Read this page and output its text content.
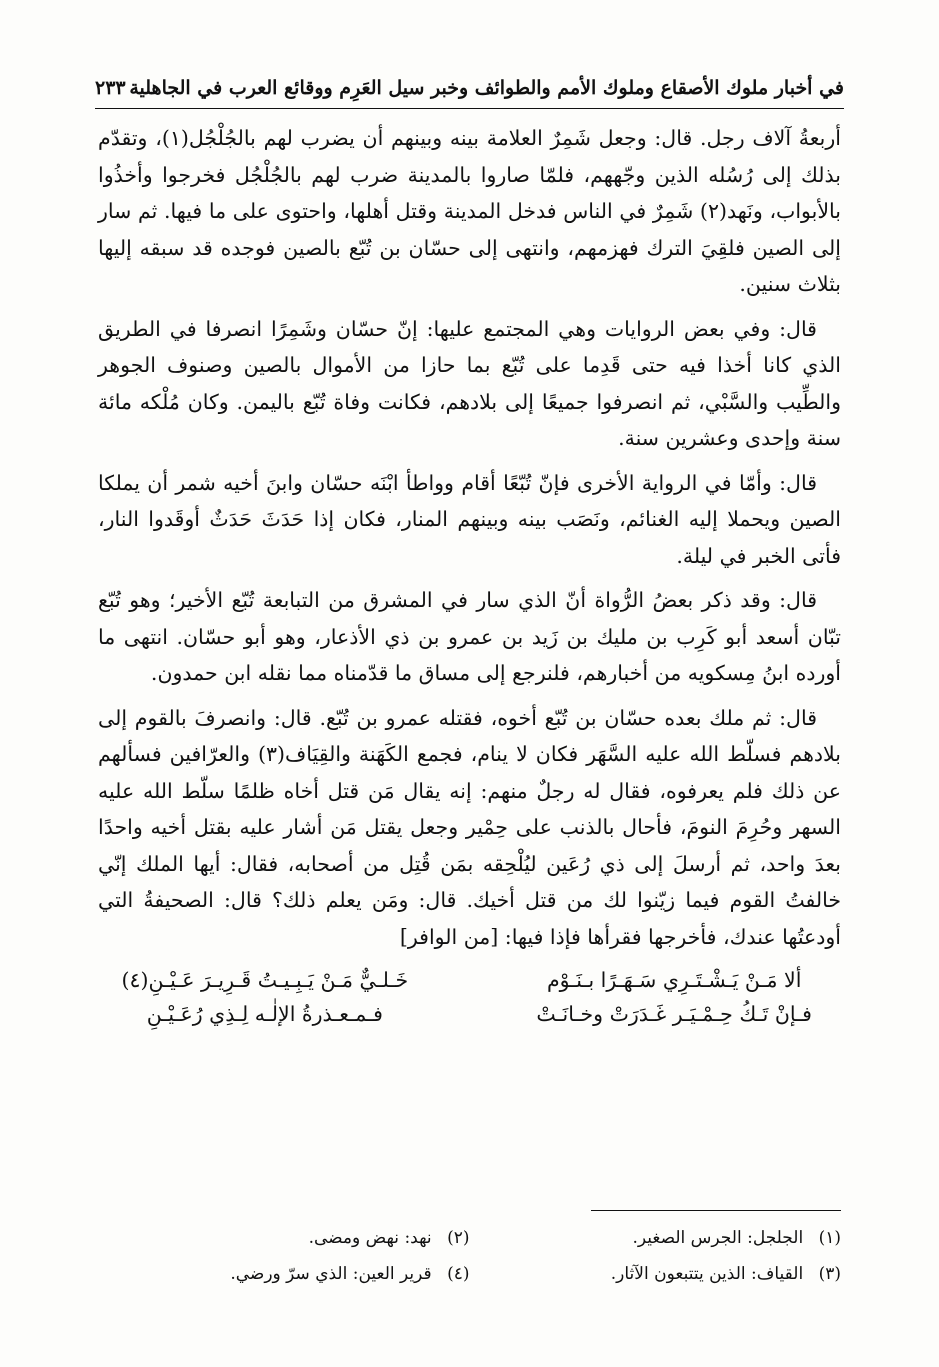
في أخبار ملوك الأصقاع وملوك الأمم والطوائف وخبر سيل العَرِم ووقائع العرب في الجاهلية
٢٣٣

أربعةُ آلاف رجل. قال: وجعل شَمِرٌ العلامة بينه وبينهم أن يضرب لهم بالجُلْجُل(١)، وتقدّم بذلك إلى رُسُله الذين وجّههم، فلمّا صاروا بالمدينة ضرب لهم بالجُلْجُل فخرجوا وأخذُوا بالأبواب، ونَهد(٢) شَمِرٌ في الناس فدخل المدينة وقتل أهلها، واحتوى على ما فيها. ثم سار إلى الصين فلقِيَ الترك فهزمهم، وانتهى إلى حسّان بن تُبّع بالصين فوجده قد سبقه إليها بثلاث سنين.

قال: وفي بعض الروايات وهي المجتمع عليها: إنّ حسّان وشَمِرًا انصرفا في الطريق الذي كانا أخذا فيه حتى قَدِما على تُبّع بما حازا من الأموال بالصين وصنوف الجوهر والطِّيب والسَّبْي، ثم انصرفوا جميعًا إلى بلادهم، فكانت وفاة تُبّع باليمن. وكان مُلْكه مائة سنة وإحدى وعشرين سنة.

قال: وأمّا في الرواية الأخرى فإنّ تُبّعًا أقام وواطأ ابْنَه حسّان وابنَ أخيه شمر أن يملكا الصين ويحملا إليه الغنائم، ونَصَب بينه وبينهم المنار، فكان إذا حَدَثَ حَدَثٌ أوقَدوا النار، فأتى الخبر في ليلة.

قال: وقد ذكر بعضُ الرُّواة أنّ الذي سار في المشرق من التبابعة تُبّع الأخير؛ وهو تُبّع تبّان أسعد أبو كَرِب بن مليك بن زَيد بن عمرو بن ذي الأذعار، وهو أبو حسّان. انتهى ما أورده ابنُ مِسكويه من أخبارهم، فلنرجع إلى مساق ما قدّمناه مما نقله ابن حمدون.

قال: ثم ملك بعده حسّان بن تُبّع أخوه، فقتله عمرو بن تُبّع. قال: وانصرفَ بالقوم إلى بلادهم فسلّط الله عليه السَّهَر فكان لا ينام، فجمع الكَهَنة والقِيَاف(٣) والعرّافين فسألهم عن ذلك فلم يعرفوه، فقال له رجلٌ منهم: إنه يقال مَن قتل أخاه ظلمًا سلّط الله عليه السهر وحُرِمَ النومَ، فأحال بالذنب على حِمْير وجعل يقتل مَن أشار عليه بقتل أخيه واحدًا بعدَ واحد، ثم أرسلَ إلى ذي رُعَين ليُلْحِقه بمَن قُتِل من أصحابه، فقال: أيها الملك إنّي خالفتُ القوم فيما زيّنوا لك من قتل أخيك. قال: ومَن يعلم ذلك؟ قال: الصحيفةُ التي أودعتُها عندك، فأخرجها فقرأها فإذا فيها: [من الوافر]

ألا مَـنْ يَـشْـتَـرِي سَـهَـرًا بـنَـوْم
خَـلـيٌّ مَـنْ يَـبِـيـتُ قَـرِيـرَ عَـيْـنِ(٤)
فـإنْ تَـكُ حِـمْـيَـر غَـدَرَتْ وخـانَـتْ
فـمـعـذرةُ الإلٰـه لِـذِي رُعَـيْـنِ
(١) الجلجل: الجرس الصغير.
(٢) نهد: نهض ومضى.
(٣) القياف: الذين يتتبعون الآثار.
(٤) قرير العين: الذي سرّ ورضي.
